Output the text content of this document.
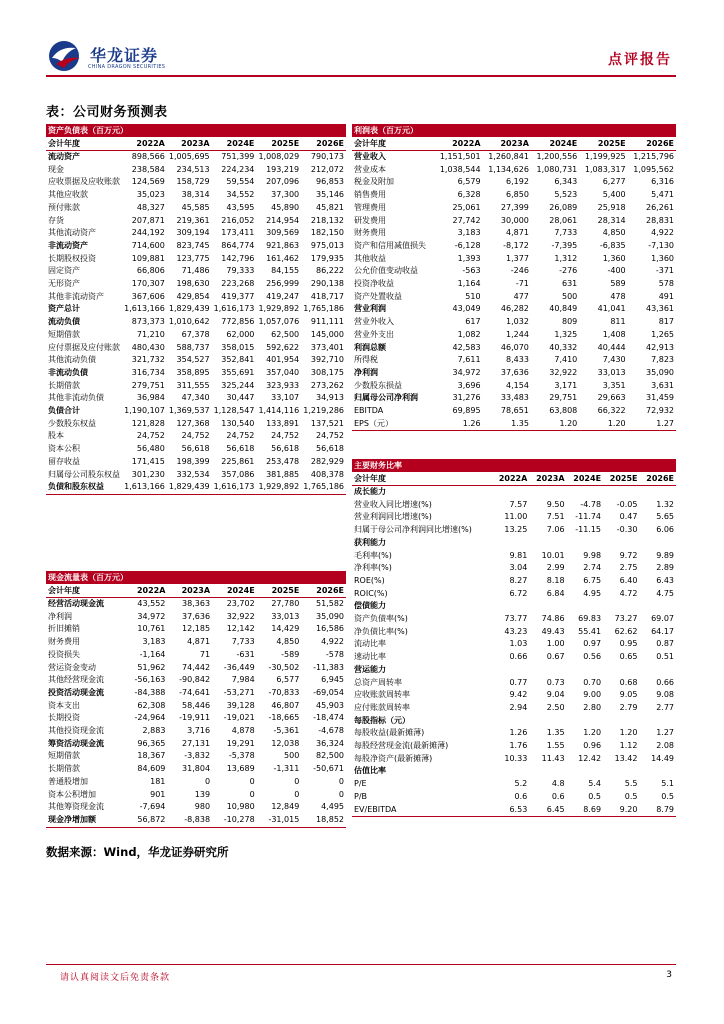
华龙证券
CHINA DRAGON SECURITIES	点评报告
表：公司财务预测表
资产负债表（百万元）					
会计年度	2022A	2023A	2024E	2025E	2026E
流动资产	898,566	1,005,695	751,399	1,008,029	790,173
现金	238,584	234,513	224,234	193,219	212,072
应收票据及应收账款	124,569	158,729	59,554	207,096	96,853
其他应收款	35,023	38,314	34,552	37,300	35,146
预付账款	48,327	45,585	43,595	45,890	45,821
存货	207,871	219,361	216,052	214,954	218,132
其他流动资产	244,192	309,194	173,411	309,569	182,150
非流动资产	714,600	823,745	864,774	921,863	975,013
长期股权投资	109,881	123,775	142,796	161,462	179,935
固定资产	66,806	71,486	79,333	84,155	86,222
无形资产	170,307	198,630	223,268	256,999	290,138
其他非流动资产	367,606	429,854	419,377	419,247	418,717
资产总计	1,613,166	1,829,439	1,616,173	1,929,892	1,765,186
流动负债	873,373	1,010,642	772,856	1,057,076	911,111
短期借款	71,210	67,378	62,000	62,500	145,000
应付票据及应付账款	480,430	588,737	358,015	592,622	373,401
其他流动负债	321,732	354,527	352,841	401,954	392,710
非流动负债	316,734	358,895	355,691	357,040	308,175
长期借款	279,751	311,555	325,244	323,933	273,262
其他非流动负债	36,984	47,340	30,447	33,107	34,913
负债合计	1,190,107	1,369,537	1,128,547	1,414,116	1,219,286
少数股东权益	121,828	127,368	130,540	133,891	137,521
股本	24,752	24,752	24,752	24,752	24,752
资本公积	56,480	56,618	56,618	56,618	56,618
留存收益	171,415	198,399	225,861	253,478	282,929
归属母公司股东权益	301,230	332,534	357,086	381,885	408,378
负债和股东权益	1,613,166	1,829,439	1,616,173	1,929,892	1,765,186
利润表（百万元）					
会计年度	2022A	2023A	2024E	2025E	2026E
营业收入	1,151,501	1,260,841	1,200,556	1,199,925	1,215,796
营业成本	1,038,544	1,134,626	1,080,731	1,083,317	1,095,562
税金及附加	6,579	6,192	6,343	6,277	6,316
销售费用	6,328	6,850	5,523	5,400	5,471
管理费用	25,061	27,399	26,089	25,918	26,261
研发费用	27,742	30,000	28,061	28,314	28,831
财务费用	3,183	4,871	7,733	4,850	4,922
资产和信用减值损失	-6,128	-8,172	-7,395	-6,835	-7,130
其他收益	1,393	1,377	1,312	1,360	1,360
公允价值变动收益	-563	-246	-276	-400	-371
投资净收益	1,164	-71	631	589	578
资产处置收益	510	477	500	478	491
营业利润	43,049	46,282	40,849	41,041	43,361
营业外收入	617	1,032	809	811	817
营业外支出	1,082	1,244	1,325	1,408	1,265
利润总额	42,583	46,070	40,332	40,444	42,913
所得税	7,611	8,433	7,410	7,430	7,823
净利润	34,972	37,636	32,922	33,013	35,090
少数股东损益	3,696	4,154	3,171	3,351	3,631
归属母公司净利润	31,276	33,483	29,751	29,663	31,459
EBITDA	69,895	78,651	63,808	66,322	72,932
EPS（元）	1.26	1.35	1.20	1.20	1.27
现金流量表（百万元）					
会计年度	2022A	2023A	2024E	2025E	2026E
经营活动现金流	43,552	38,363	23,702	27,780	51,582
净利润	34,972	37,636	32,922	33,013	35,090
折旧摊销	10,761	12,185	12,142	14,429	16,586
财务费用	3,183	4,871	7,733	4,850	4,922
投资损失	-1,164	71	-631	-589	-578
营运资金变动	51,962	74,442	-36,449	-30,502	-11,383
其他经营现金流	-56,163	-90,842	7,984	6,577	6,945
投资活动现金流	-84,388	-74,641	-53,271	-70,833	-69,054
资本支出	62,308	58,446	39,128	46,807	45,903
长期投资	-24,964	-19,911	-19,021	-18,665	-18,474
其他投资现金流	2,883	3,716	4,878	-5,361	-4,678
筹资活动现金流	96,365	27,131	19,291	12,038	36,324
短期借款	18,367	-3,832	-5,378	500	82,500
长期借款	84,609	31,804	13,689	-1,311	-50,671
普通股增加	181	0	0	0	0
资本公积增加	901	139	0	0	0
其他筹资现金流	-7,694	980	10,980	12,849	4,495
现金净增加额	56,872	-8,838	-10,278	-31,015	18,852
主要财务比率					
会计年度	2022A	2023A	2024E	2025E	2026E
成长能力					
营业收入同比增速(%)	7.57	9.50	-4.78	-0.05	1.32
营业利润同比增速(%)	11.00	7.51	-11.74	0.47	5.65
归属于母公司净利润同比增速(%)	13.25	7.06	-11.15	-0.30	6.06
获利能力					
毛利率(%)	9.81	10.01	9.98	9.72	9.89
净利率(%)	3.04	2.99	2.74	2.75	2.89
ROE(%)	8.27	8.18	6.75	6.40	6.43
ROIC(%)	6.72	6.84	4.95	4.72	4.75
偿债能力					
资产负债率(%)	73.77	74.86	69.83	73.27	69.07
净负债比率(%)	43.23	49.43	55.41	62.62	64.17
流动比率	1.03	1.00	0.97	0.95	0.87
速动比率	0.66	0.67	0.56	0.65	0.51
营运能力					
总资产周转率	0.77	0.73	0.70	0.68	0.66
应收账款周转率	9.42	9.04	9.00	9.05	9.08
应付账款周转率	2.94	2.50	2.80	2.79	2.77
每股指标（元）					
每股收益(最新摊薄)	1.26	1.35	1.20	1.20	1.27
每股经营现金流(最新摊薄)	1.76	1.55	0.96	1.12	2.08
每股净资产(最新摊薄)	10.33	11.43	12.42	13.42	14.49
估值比率					
P/E	5.2	4.8	5.4	5.5	5.1
P/B	0.6	0.6	0.5	0.5	0.5
EV/EBITDA	6.53	6.45	8.69	9.20	8.79
数据来源：Wind，华龙证券研究所
请认真阅读文后免责条款	3
